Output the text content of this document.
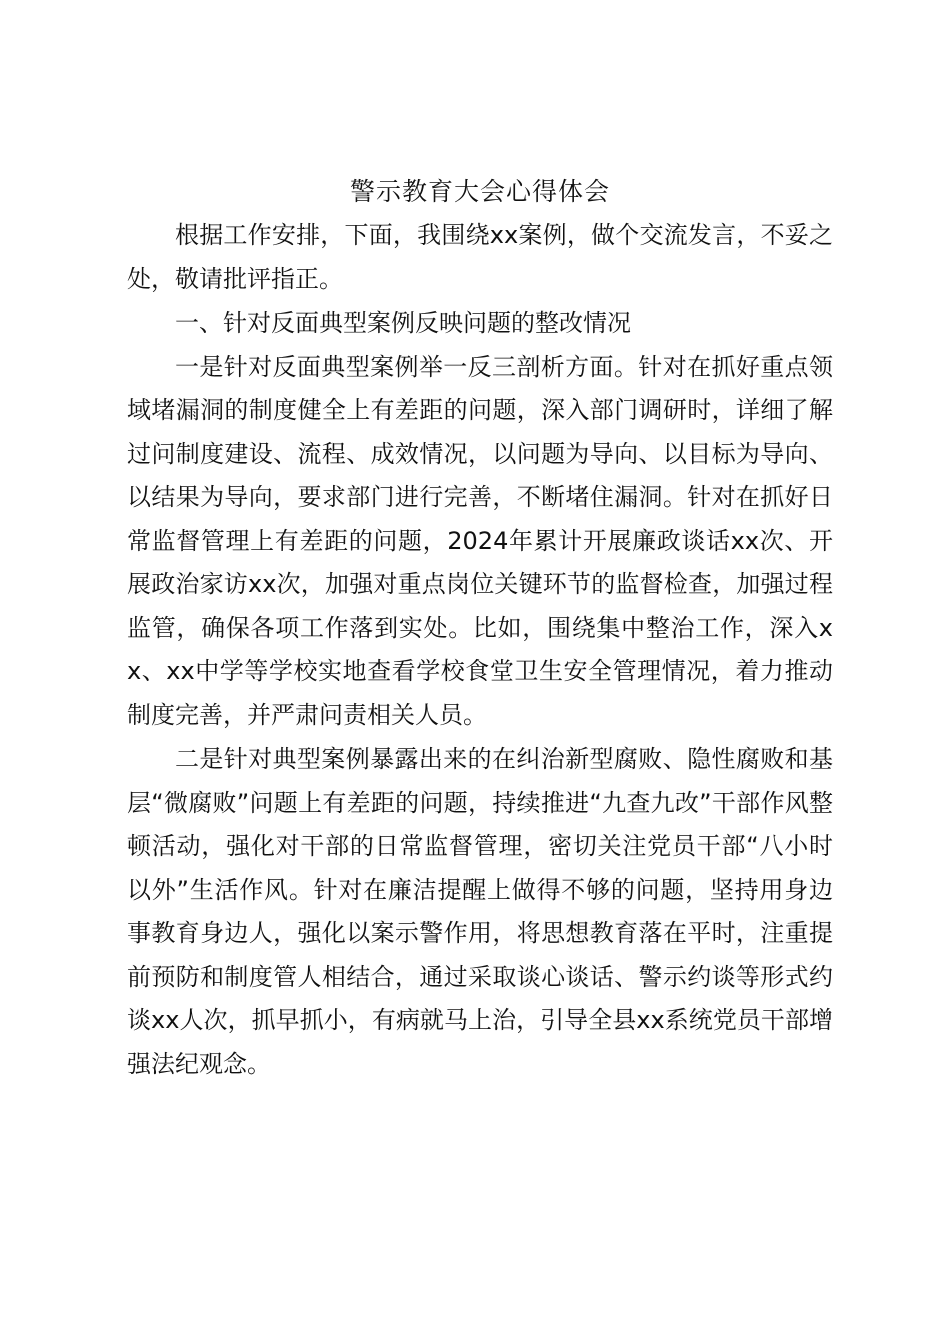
警示教育大会心得体会

根据工作安排，下面，我围绕xx案例，做个交流发言，不妥之处，敬请批评指正。

一、针对反面典型案例反映问题的整改情况

一是针对反面典型案例举一反三剖析方面。针对在抓好重点领域堵漏洞的制度健全上有差距的问题，深入部门调研时，详细了解过问制度建设、流程、成效情况，以问题为导向、以目标为导向、以结果为导向，要求部门进行完善，不断堵住漏洞。针对在抓好日常监督管理上有差距的问题，2024年累计开展廉政谈话xx次、开展政治家访xx次，加强对重点岗位关键环节的监督检查，加强过程监管，确保各项工作落到实处。比如，围绕集中整治工作，深入xx、xx中学等学校实地查看学校食堂卫生安全管理情况，着力推动制度完善，并严肃问责相关人员。

二是针对典型案例暴露出来的在纠治新型腐败、隐性腐败和基层“微腐败”问题上有差距的问题，持续推进“九查九改”干部作风整顿活动，强化对干部的日常监督管理，密切关注党员干部“八小时以外”生活作风。针对在廉洁提醒上做得不够的问题，坚持用身边事教育身边人，强化以案示警作用，将思想教育落在平时，注重提前预防和制度管人相结合，通过采取谈心谈话、警示约谈等形式约谈xx人次，抓早抓小，有病就马上治，引导全县xx系统党员干部增强法纪观念。
